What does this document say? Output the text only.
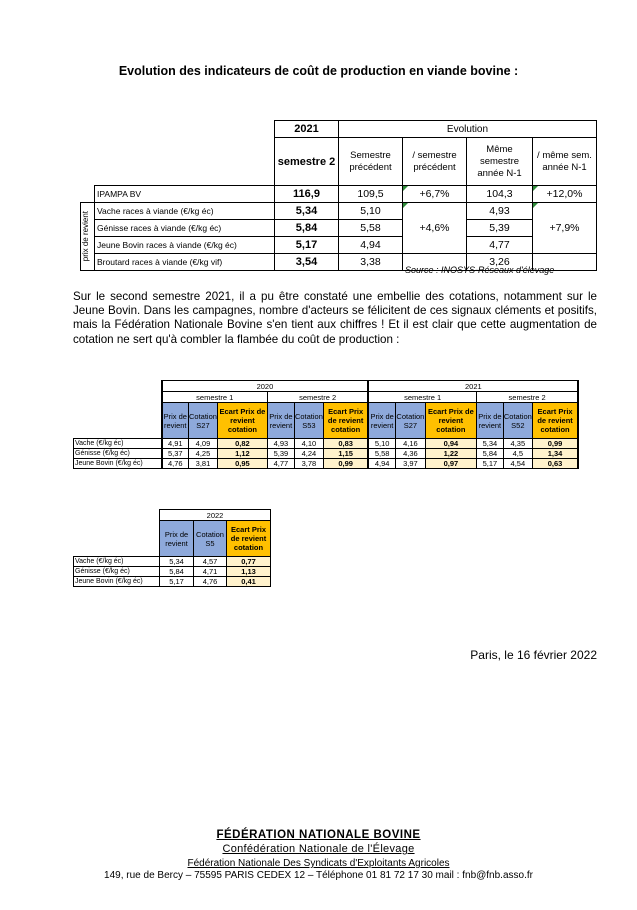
Evolution des indicateurs de coût de production en viande bovine :
		2021	Evolution			
		semestre 2	Semestre précédent	/ semestre précédent	Même semestre année N-1	/ même sem. année N-1
	IPAMPA BV	116,9	109,5	+6,7%	104,3	+12,0%

prix de revient	Vache races à viande (€/kg éc)	5,34	5,10	+4,6%	4,93	+7,9%
	Génisse races à viande (€/kg éc)	5,84	5,58		5,39	
	Jeune Bovin races à viande (€/kg éc)	5,17	4,94		4,77	
	Broutard races à viande (€/kg vif)	3,54	3,38		3,26	
Source : INOSYS-Réseaux d'élevage
Sur le second semestre 2021, il a pu être constaté une embellie des cotations, notamment sur le Jeune Bovin. Dans les campagnes, nombre d'acteurs se félicitent de ces signaux cléments et positifs, mais la Fédération Nationale Bovine s'en tient aux chiffres ! Et il est clair que cette augmentation de cotation ne sert qu'à combler la flambée du coût de production :
	2020						2021					
	semestre 1			semestre 2			semestre 1			semestre 2		
	Prix de revient	Cotation S27	Ecart Prix de revient cotation	Prix de revient	Cotation S53	Ecart Prix de revient cotation	Prix de revient	Cotation S27	Ecart Prix de revient cotation	Prix de revient	Cotation S52	Ecart Prix de revient cotation
Vache (€/kg éc)	4,91	4,09	0,82	4,93	4,10	0,83	5,10	4,16	0,94	5,34	4,35	0,99
Génisse (€/kg éc)	5,37	4,25	1,12	5,39	4,24	1,15	5,58	4,36	1,22	5,84	4,5	1,34
Jeune Bovin (€/kg éc)	4,76	3,81	0,95	4,77	3,78	0,99	4,94	3,97	0,97	5,17	4,54	0,63
	2022		
	Prix de revient	Cotation S5	Ecart Prix de revient cotation
Vache (€/kg éc)	5,34	4,57	0,77
Génisse (€/kg éc)	5,84	4,71	1,13
Jeune Bovin (€/kg éc)	5,17	4,76	0,41
Paris, le 16 février 2022
FÉDÉRATION NATIONALE BOVINE
Confédération Nationale de l'Élevage
Fédération Nationale Des Syndicats d'Exploitants Agricoles
149, rue de Bercy – 75595 PARIS CEDEX 12 – Téléphone 01 81 72 17 30 mail : fnb@fnb.asso.fr
